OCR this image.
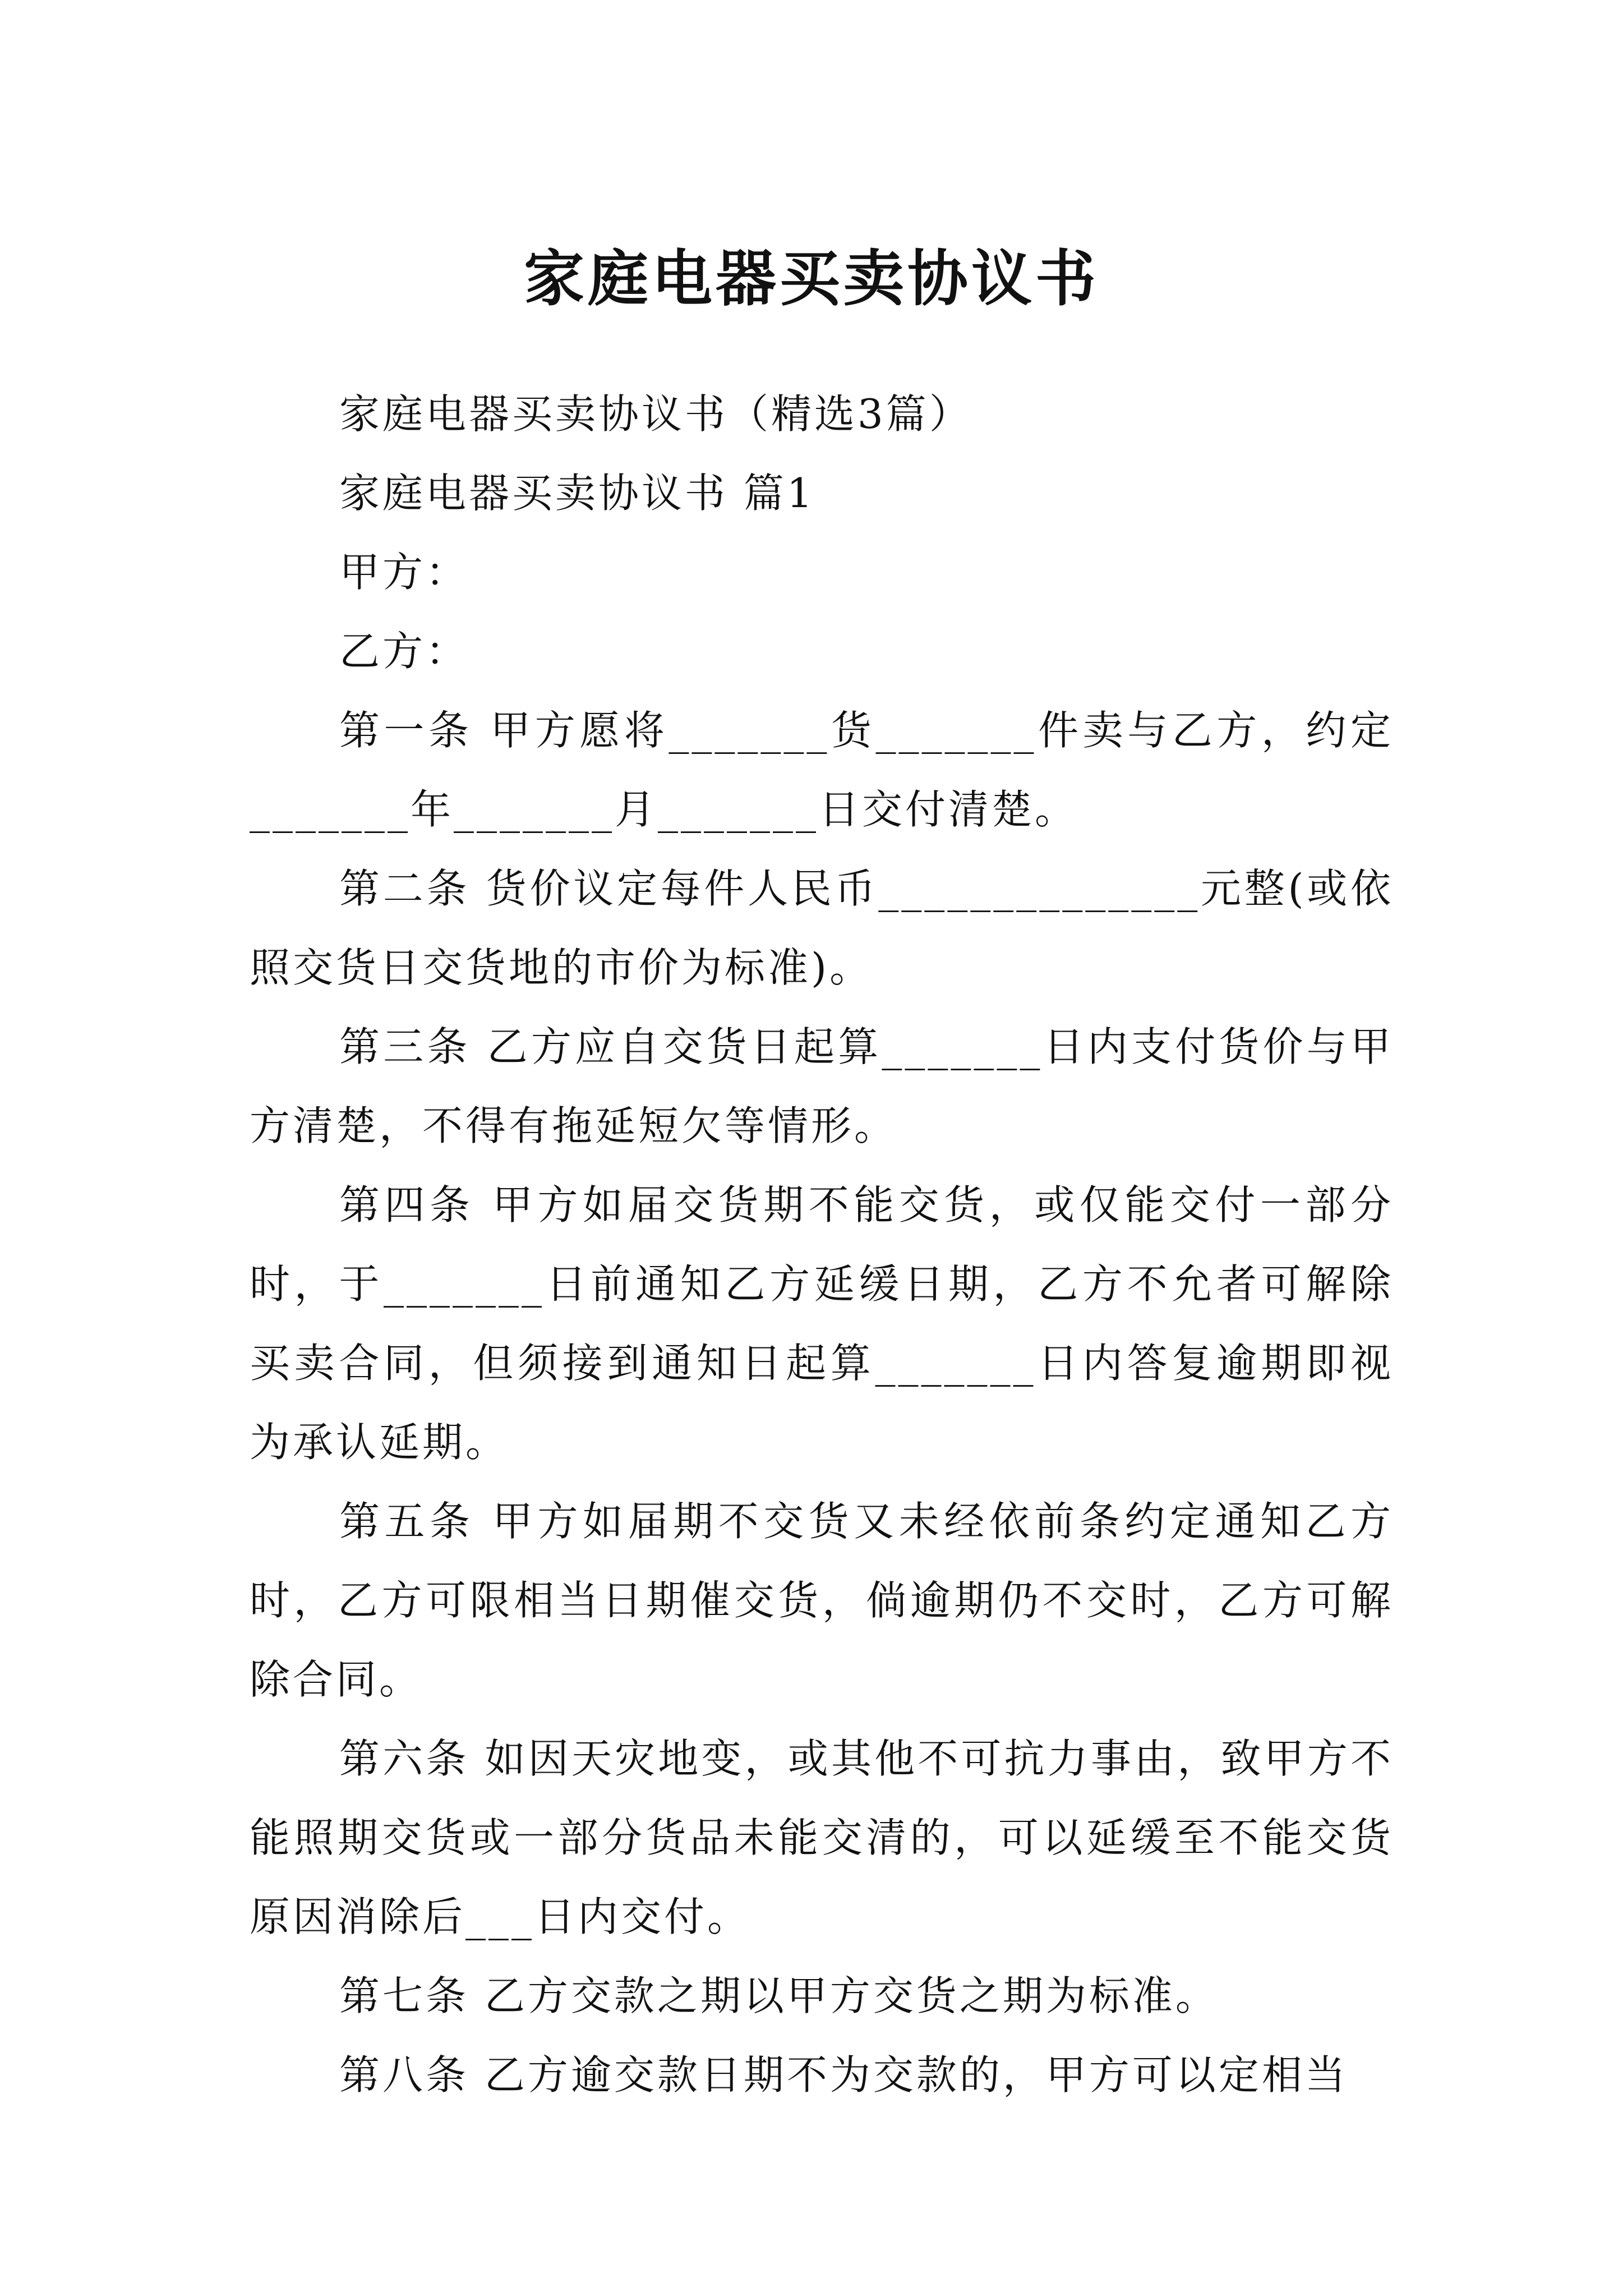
家庭电器买卖协议书

家庭电器买卖协议书（精选3篇）

家庭电器买卖协议书 篇1

甲方：

乙方：

第一条 甲方愿将_______货_______件卖与乙方，约定_______年_______月_______日交付清楚。

第二条 货价议定每件人民币______________元整(或依照交货日交货地的市价为标准)。

第三条 乙方应自交货日起算_______日内支付货价与甲方清楚，不得有拖延短欠等情形。

第四条 甲方如届交货期不能交货，或仅能交付一部分时，于_______日前通知乙方延缓日期，乙方不允者可解除买卖合同，但须接到通知日起算_______日内答复逾期即视为承认延期。

第五条 甲方如届期不交货又未经依前条约定通知乙方时，乙方可限相当日期催交货，倘逾期仍不交时，乙方可解除合同。

第六条 如因天灾地变，或其他不可抗力事由，致甲方不能照期交货或一部分货品未能交清的，可以延缓至不能交货原因消除后___日内交付。

第七条 乙方交款之期以甲方交货之期为标准。

第八条 乙方逾交款日期不为交款的，甲方可以定相当
